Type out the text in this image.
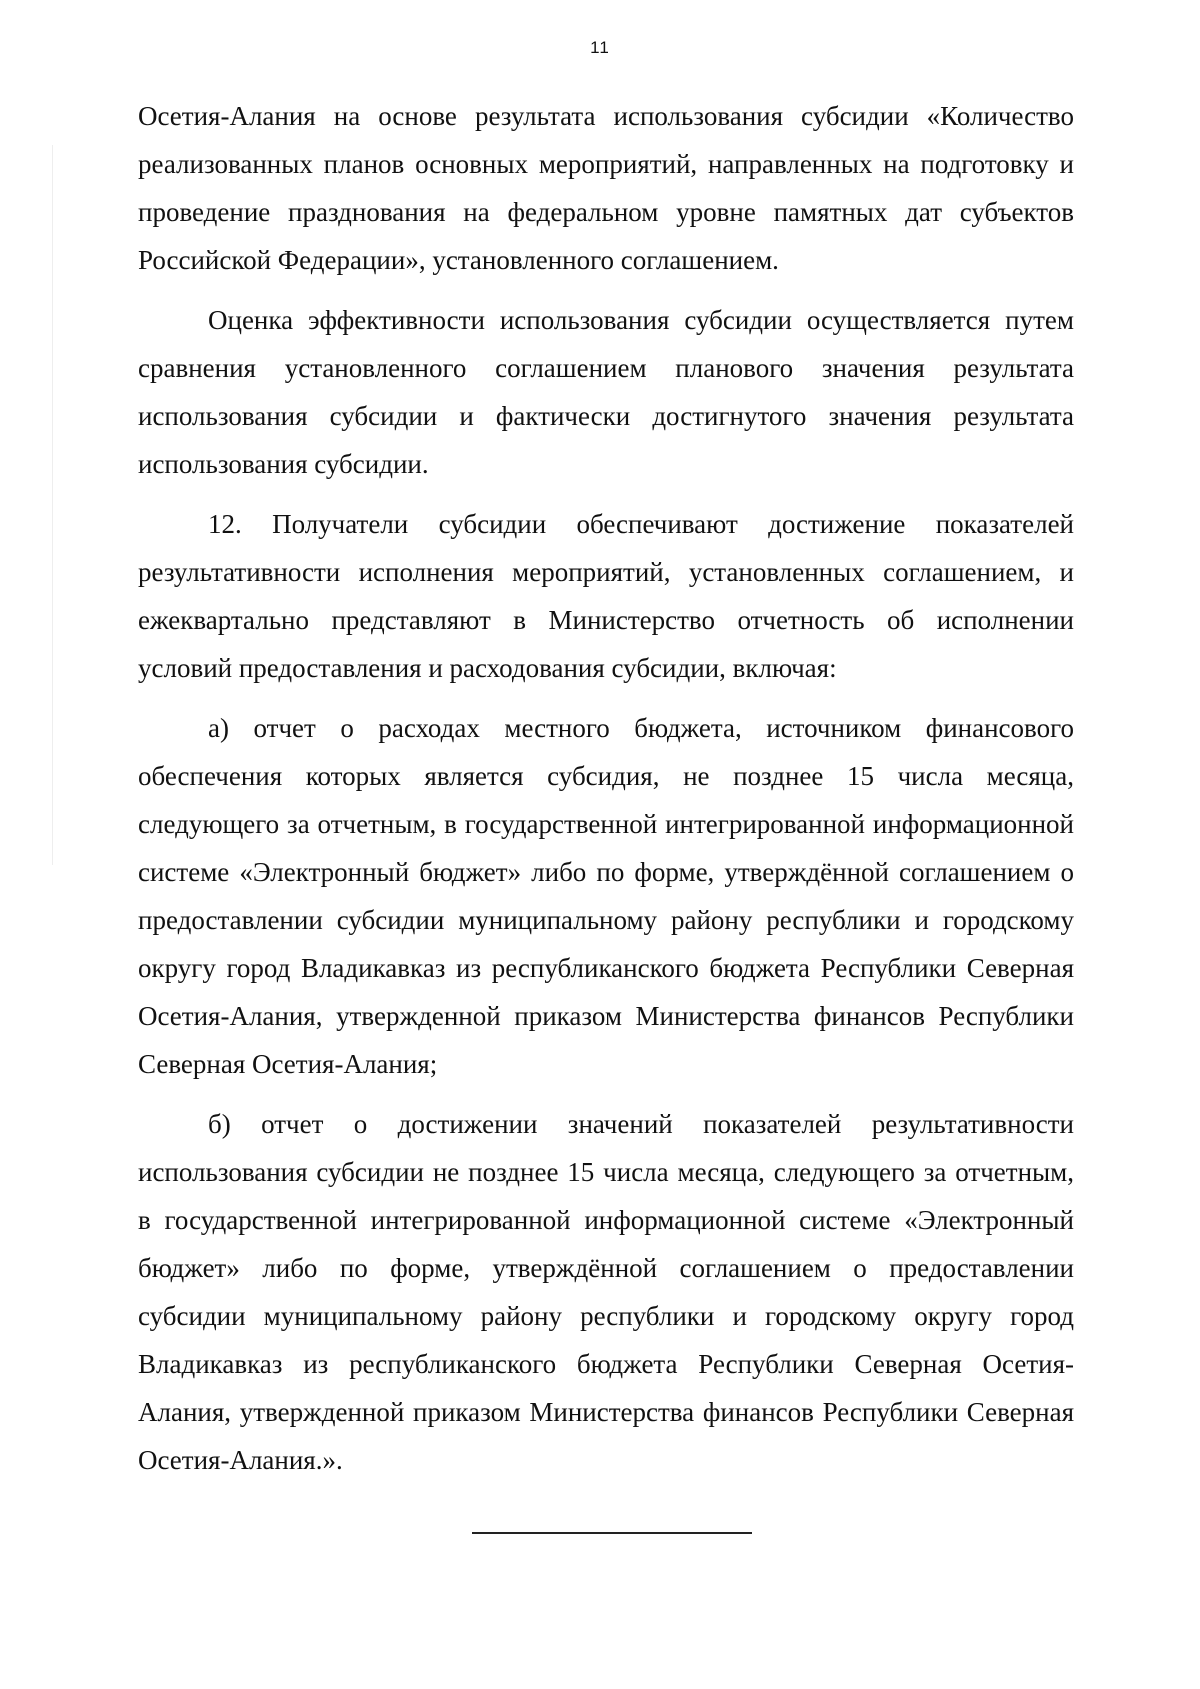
11

Осетия-Алания на основе результата использования субсидии «Количество реализованных планов основных мероприятий, направленных на подготовку и проведение празднования на федеральном уровне памятных дат субъектов Российской Федерации», установленного соглашением.

Оценка эффективности использования субсидии осуществляется путем сравнения установленного соглашением планового значения результата использования субсидии и фактически достигнутого значения результата использования субсидии.

12. Получатели субсидии обеспечивают достижение показателей результативности исполнения мероприятий, установленных соглашением, и ежеквартально представляют в Министерство отчетность об исполнении условий предоставления и расходования субсидии, включая:

а) отчет о расходах местного бюджета, источником финансового обеспечения которых является субсидия, не позднее 15 числа месяца, следующего за отчетным, в государственной интегрированной информационной системе «Электронный бюджет» либо по форме, утверждённой соглашением о предоставлении субсидии муниципальному району республики и городскому округу город Владикавказ из республиканского бюджета Республики Северная Осетия-Алания, утвержденной приказом Министерства финансов Республики Северная Осетия-Алания;

б) отчет о достижении значений показателей результативности использования субсидии не позднее 15 числа месяца, следующего за отчетным, в государственной интегрированной информационной системе «Электронный бюджет» либо по форме, утверждённой соглашением о предоставлении субсидии муниципальному району республики и городскому округу город Владикавказ из республиканского бюджета Республики Северная Осетия-Алания, утвержденной приказом Министерства финансов Республики Северная Осетия-Алания.».
